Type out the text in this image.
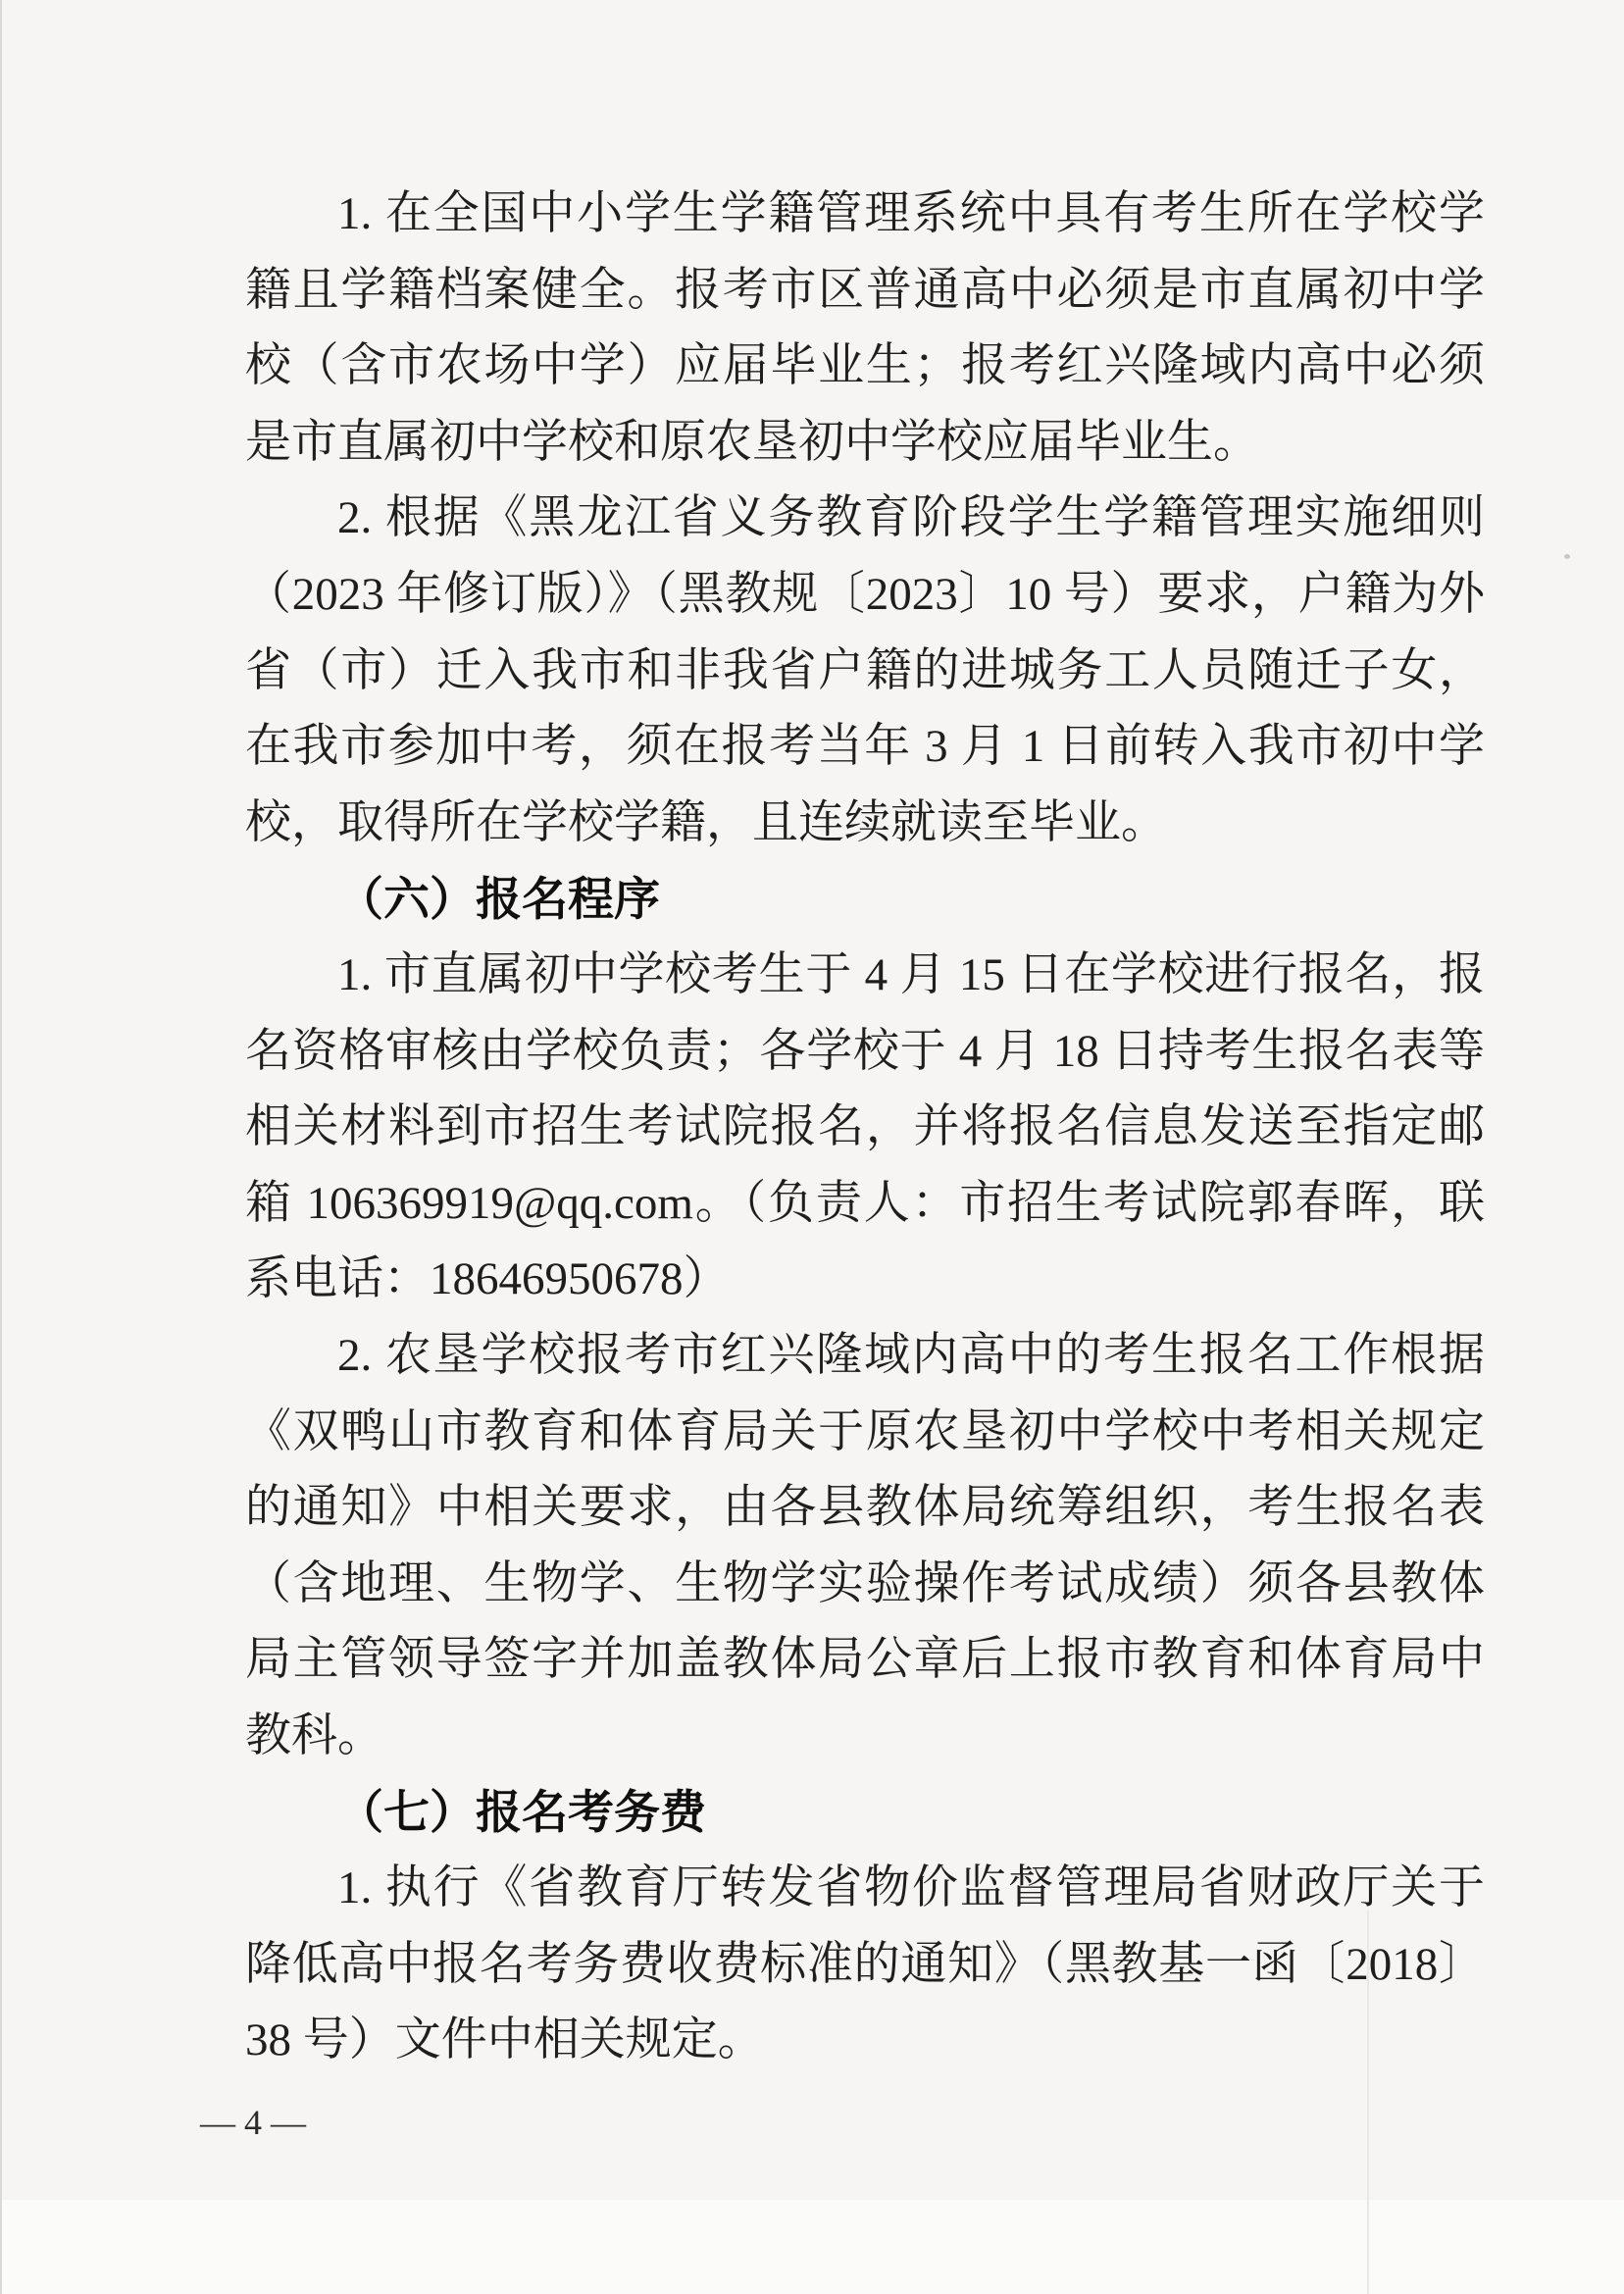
1. 在全国中小学生学籍管理系统中具有考生所在学校学籍且学籍档案健全。报考市区普通高中必须是市直属初中学校（含市农场中学）应届毕业生；报考红兴隆域内高中必须是市直属初中学校和原农垦初中学校应届毕业生。

2. 根据《黑龙江省义务教育阶段学生学籍管理实施细则（2023 年修订版）》（黑教规〔2023〕10 号）要求，户籍为外省（市）迁入我市和非我省户籍的进城务工人员随迁子女，在我市参加中考，须在报考当年 3 月 1 日前转入我市初中学校，取得所在学校学籍，且连续就读至毕业。

（六）报名程序

1. 市直属初中学校考生于 4 月 15 日在学校进行报名，报名资格审核由学校负责；各学校于 4 月 18 日持考生报名表等相关材料到市招生考试院报名，并将报名信息发送至指定邮箱 106369919@qq.com。（负责人：市招生考试院郭春晖，联系电话：18646950678）

2. 农垦学校报考市红兴隆域内高中的考生报名工作根据《双鸭山市教育和体育局关于原农垦初中学校中考相关规定的通知》中相关要求，由各县教体局统筹组织，考生报名表（含地理、生物学、生物学实验操作考试成绩）须各县教体局主管领导签字并加盖教体局公章后上报市教育和体育局中教科。

（七）报名考务费

1. 执行《省教育厅转发省物价监督管理局省财政厅关于降低高中报名考务费收费标准的通知》（黑教基一函〔2018〕38 号）文件中相关规定。

— 4 —
